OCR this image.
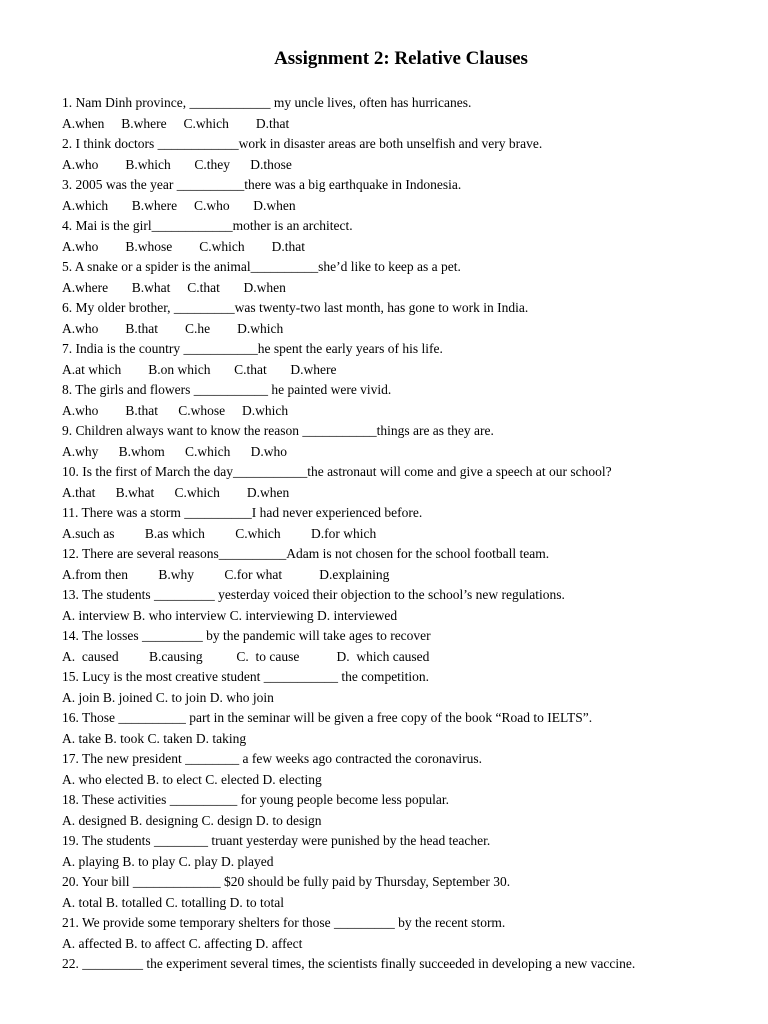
Assignment 2: Relative Clauses

1. Nam Dinh province, ____________ my uncle lives, often has hurricanes.

A.when     B.where     C.which        D.that

2. I think doctors ____________work in disaster areas are both unselfish and very brave.

A.who        B.which       C.they      D.those

3. 2005 was the year __________there was a big earthquake in Indonesia.

A.which       B.where     C.who       D.when

4. Mai is the girl____________mother is an architect.

A.who        B.whose        C.which        D.that

5. A snake or a spider is the animal__________she’d like to keep as a pet.

A.where       B.what     C.that       D.when

6. My older brother, _________was twenty-two last month, has gone to work in India.

A.who        B.that        C.he        D.which

7. India is the country ___________he spent the early years of his life.

A.at which        B.on which       C.that       D.where

8. The girls and flowers ___________ he painted were vivid.

A.who        B.that      C.whose     D.which

9. Children always want to know the reason ___________things are as they are.

A.why      B.whom      C.which      D.who

10. Is the first of March the day___________the astronaut will come and give a speech at our school?

A.that      B.what      C.which        D.when

11. There was a storm __________I had never experienced before.

A.such as         B.as which         C.which         D.for which

12. There are several reasons__________Adam is not chosen for the school football team.

A.from then         B.why         C.for what           D.explaining

13. The students _________ yesterday voiced their objection to the school’s new regulations.

A. interview B. who interview C. interviewing D. interviewed

14. The losses _________ by the pandemic will take ages to recover

A.  caused         B.causing          C.  to cause           D.  which caused

15. Lucy is the most creative student ___________ the competition.

A. join B. joined C. to join D. who join

16. Those __________ part in the seminar will be given a free copy of the book “Road to IELTS”.

A. take B. took C. taken D. taking

17. The new president ________ a few weeks ago contracted the coronavirus.

A. who elected B. to elect C. elected D. electing

18. These activities __________ for young people become less popular.

A. designed B. designing C. design D. to design

19. The students ________ truant yesterday were punished by the head teacher.

A. playing B. to play C. play D. played

20. Your bill _____________ $20 should be fully paid by Thursday, September 30.

A. total B. totalled C. totalling D. to total

21. We provide some temporary shelters for those _________ by the recent storm.

A. affected B. to affect C. affecting D. affect

22. _________ the experiment several times, the scientists finally succeeded in developing a new vaccine.
